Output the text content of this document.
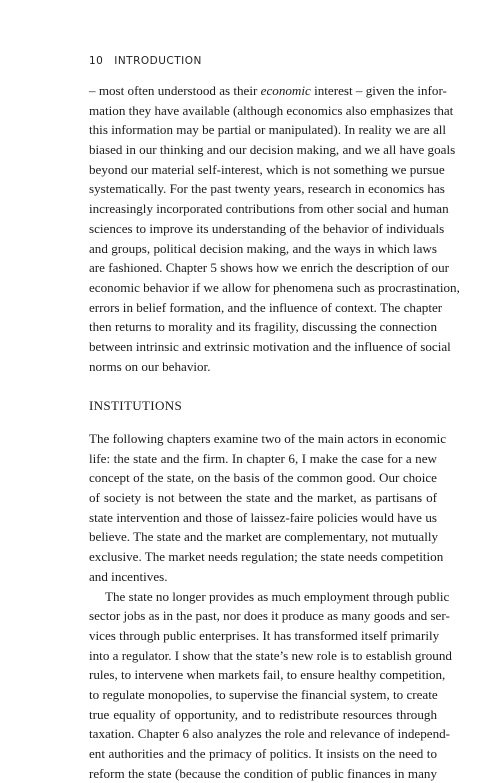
10 INTRODUCTION
– most often understood as their economic interest – given the infor-
mation they have available (although economics also emphasizes that
this information may be partial or manipulated). In reality we are all
biased in our thinking and our decision making, and we all have goals
beyond our material self-interest, which is not something we pursue
systematically. For the past twenty years, research in economics has
increasingly incorporated contributions from other social and human
sciences to improve its understanding of the behavior of individuals
and groups, political decision making, and the ways in which laws
are fashioned. Chapter 5 shows how we enrich the description of our
economic behavior if we allow for phenomena such as procrastination,
errors in belief formation, and the influence of context. The chapter
then returns to morality and its fragility, discussing the connection
between intrinsic and extrinsic motivation and the influence of social
norms on our behavior.
INSTITUTIONS
The following chapters examine two of the main actors in economic
life: the state and the firm. In chapter 6, I make the case for a new
concept of the state, on the basis of the common good. Our choice
of society is not between the state and the market, as partisans of
state intervention and those of laissez-faire policies would have us
believe. The state and the market are complementary, not mutually
exclusive. The market needs regulation; the state needs competition
and incentives.
The state no longer provides as much employment through public
sector jobs as in the past, nor does it produce as many goods and ser-
vices through public enterprises. It has transformed itself primarily
into a regulator. I show that the state’s new role is to establish ground
rules, to intervene when markets fail, to ensure healthy competition,
to regulate monopolies, to supervise the financial system, to create
true equality of opportunity, and to redistribute resources through
taxation. Chapter 6 also analyzes the role and relevance of independ-
ent authorities and the primacy of politics. It insists on the need to
reform the state (because the condition of public finances in many
